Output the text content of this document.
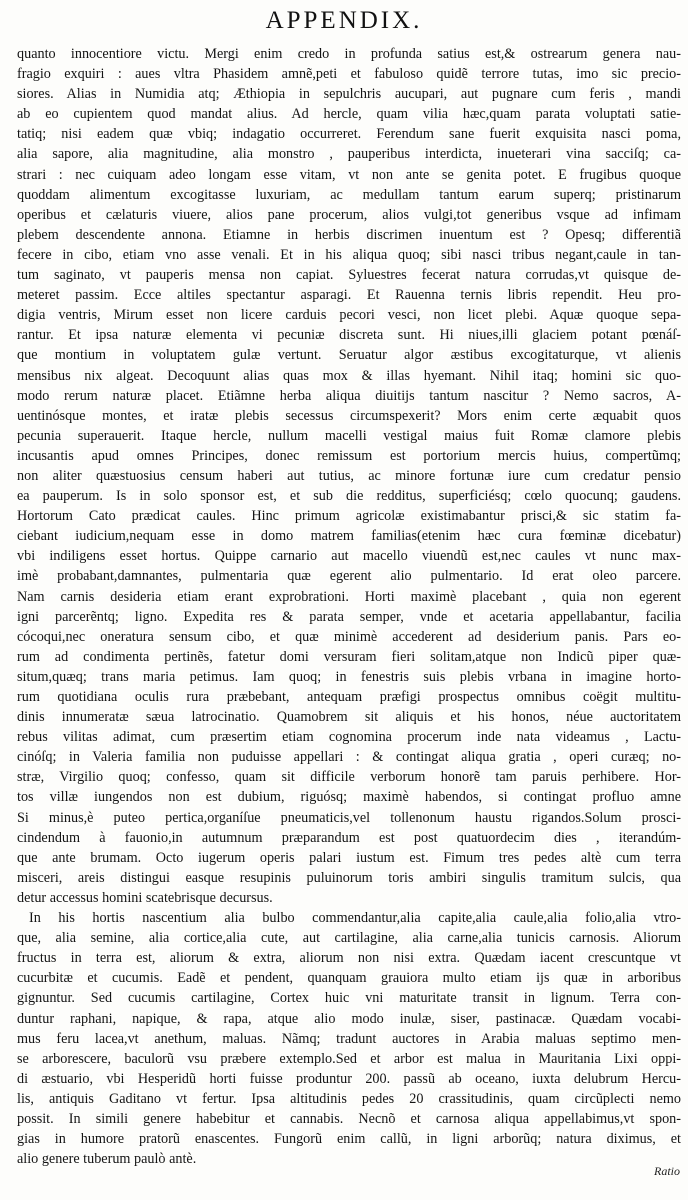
APPENDIX.
quanto innocentiore victu. Mergi enim credo in profunda satius est,& ostrearum genera nau-
fragio exquiri : aues vltra Phasidem amnẽ,peti et fabuloso quidẽ terrore tutas, imo sic precio-
siores. Alias in Numidia atq; Æthiopia in sepulchris aucupari, aut pugnare cum feris , mandi
ab eo cupientem quod mandat alius. Ad hercle, quam vilia hæc,quam parata voluptati satie-
tatiq; nisi eadem quæ vbiq; indagatio occurreret. Ferendum sane fuerit exquisita nasci poma,
alia sapore, alia magnitudine, alia monstro , pauperibus interdicta, inueterari vina sacciſq; ca-
strari : nec cuiquam adeo longam esse vitam, vt non ante se genita potet. E frugibus quoque
quoddam alimentum excogitasse luxuriam, ac medullam tantum earum superq; pristinarum
operibus et cælaturis viuere, alios pane procerum, alios vulgi,tot generibus vsque ad infimam
plebem descendente annona. Etiamne in herbis discrimen inuentum est ? Opesq; differentiã
fecere in cibo, etiam vno asse venali. Et in his aliqua quoq; sibi nasci tribus negant,caule in tan-
tum saginato, vt pauperis mensa non capiat. Syluestres fecerat natura corrudas,vt quisque de-
meteret passim. Ecce altiles spectantur asparagi. Et Rauenna ternis libris rependit. Heu pro-
digia ventris, Mirum esset non licere carduis pecori vesci, non licet plebi. Aquæ quoque sepa-
rantur. Et ipsa naturæ elementa vi pecuniæ discreta sunt. Hi niues,illi glaciem potant pœnáſ-
que montium in voluptatem gulæ vertunt. Seruatur algor æstibus excogitaturque, vt alienis
mensibus nix algeat. Decoquunt alias quas mox & illas hyemant. Nihil itaq; homini sic quo-
modo rerum naturæ placet. Etiãmne herba aliqua diuitijs tantum nascitur ? Nemo sacros, A-
uentinósque montes, et iratæ plebis secessus circumspexerit? Mors enim certe æquabit quos
pecunia superauerit. Itaque hercle, nullum macelli vestigal maius fuit Romæ clamore plebis
incusantis apud omnes Principes, donec remissum est portorium mercis huius, compertũmq;
non aliter quæstuosius censum haberi aut tutius, ac minore fortunæ iure cum credatur pensio
ea pauperum. Is in solo sponsor est, et sub die redditus, superficiésq; cœlo quocunq; gaudens.
Hortorum Cato prædicat caules. Hinc primum agricolæ existimabantur prisci,& sic statim fa-
ciebant iudicium,nequam esse in domo matrem familias(etenim hæc cura fœminæ dicebatur)
vbi indiligens esset hortus. Quippe carnario aut macello viuendũ est,nec caules vt nunc max-
imè probabant,damnantes, pulmentaria quæ egerent alio pulmentario. Id erat oleo parcere.
Nam carnis desideria etiam erant exprobrationi. Horti maximè placebant , quia non egerent
igni parcerẽntq; ligno. Expedita res & parata semper, vnde et acetaria appellabantur, facilia
cócoqui,nec oneratura sensum cibo, et quæ minimè accederent ad desiderium panis. Pars eo-
rum ad condimenta pertinẽs, fatetur domi versuram fieri solitam,atque non Indicũ piper quæ-
situm,quæq; trans maria petimus. Iam quoq; in fenestris suis plebis vrbana in imagine horto-
rum quotidiana oculis rura præbebant, antequam præfigi prospectus omnibus coëgit multitu-
dinis innumeratæ sæua latrocinatio. Quamobrem sit aliquis et his honos, néue auctoritatem
rebus vilitas adimat, cum præsertim etiam cognomina procerum inde nata videamus , Lactu-
cinóſq; in Valeria familia non puduisse appellari : & contingat aliqua gratia , operi curæq; no-
stræ, Virgilio quoq; confesso, quam sit difficile verborum honorẽ tam paruis perhibere. Hor-
tos villæ iungendos non est dubium, riguósq; maximè habendos, si contingat profluo amne
Si minus,è puteo pertica,organíſue pneumaticis,vel tollenonum haustu rigandos.Solum prosci-
cindendum à fauonio,in autumnum præparandum est post quatuordecim dies , iterandúm-
que ante brumam. Octo iugerum operis palari iustum est. Fimum tres pedes altè cum terra
misceri, areis distingui easque resupinis puluinorum toris ambiri singulis tramitum sulcis, qua
detur accessus homini scatebrisque decursus.
In his hortis nascentium alia bulbo commendantur,alia capite,alia caule,alia folio,alia vtro-
que, alia semine, alia cortice,alia cute, aut cartilagine, alia carne,alia tunicis carnosis. Aliorum
fructus in terra est, aliorum & extra, aliorum non nisi extra. Quædam iacent crescuntque vt
cucurbitæ et cucumis. Eadẽ et pendent, quanquam grauiora multo etiam ijs quæ in arboribus
gignuntur. Sed cucumis cartilagine, Cortex huic vni maturitate transit in lignum. Terra con-
duntur raphani, napique, & rapa, atque alio modo inulæ, siser, pastinacæ. Quædam vocabi-
mus feru lacea,vt anethum, maluas. Nãmq; tradunt auctores in Arabia maluas septimo men-
se arborescere, baculorũ vsu præbere extemplo.Sed et arbor est malua in Mauritania Lixi oppi-
di æstuario, vbi Hesperidũ horti fuisse produntur 200. passũ ab oceano, iuxta delubrum Hercu-
lis, antiquis Gaditano vt fertur. Ipsa altitudinis pedes 20 crassitudinis, quam circũplecti nemo
possit. In simili genere habebitur et cannabis. Necnõ et carnosa aliqua appellabimus,vt spon-
gias in humore pratorũ enascentes. Fungorũ enim callũ, in ligni arborũq; natura diximus, et
alio genere tuberum paulò antè.
Ratio
